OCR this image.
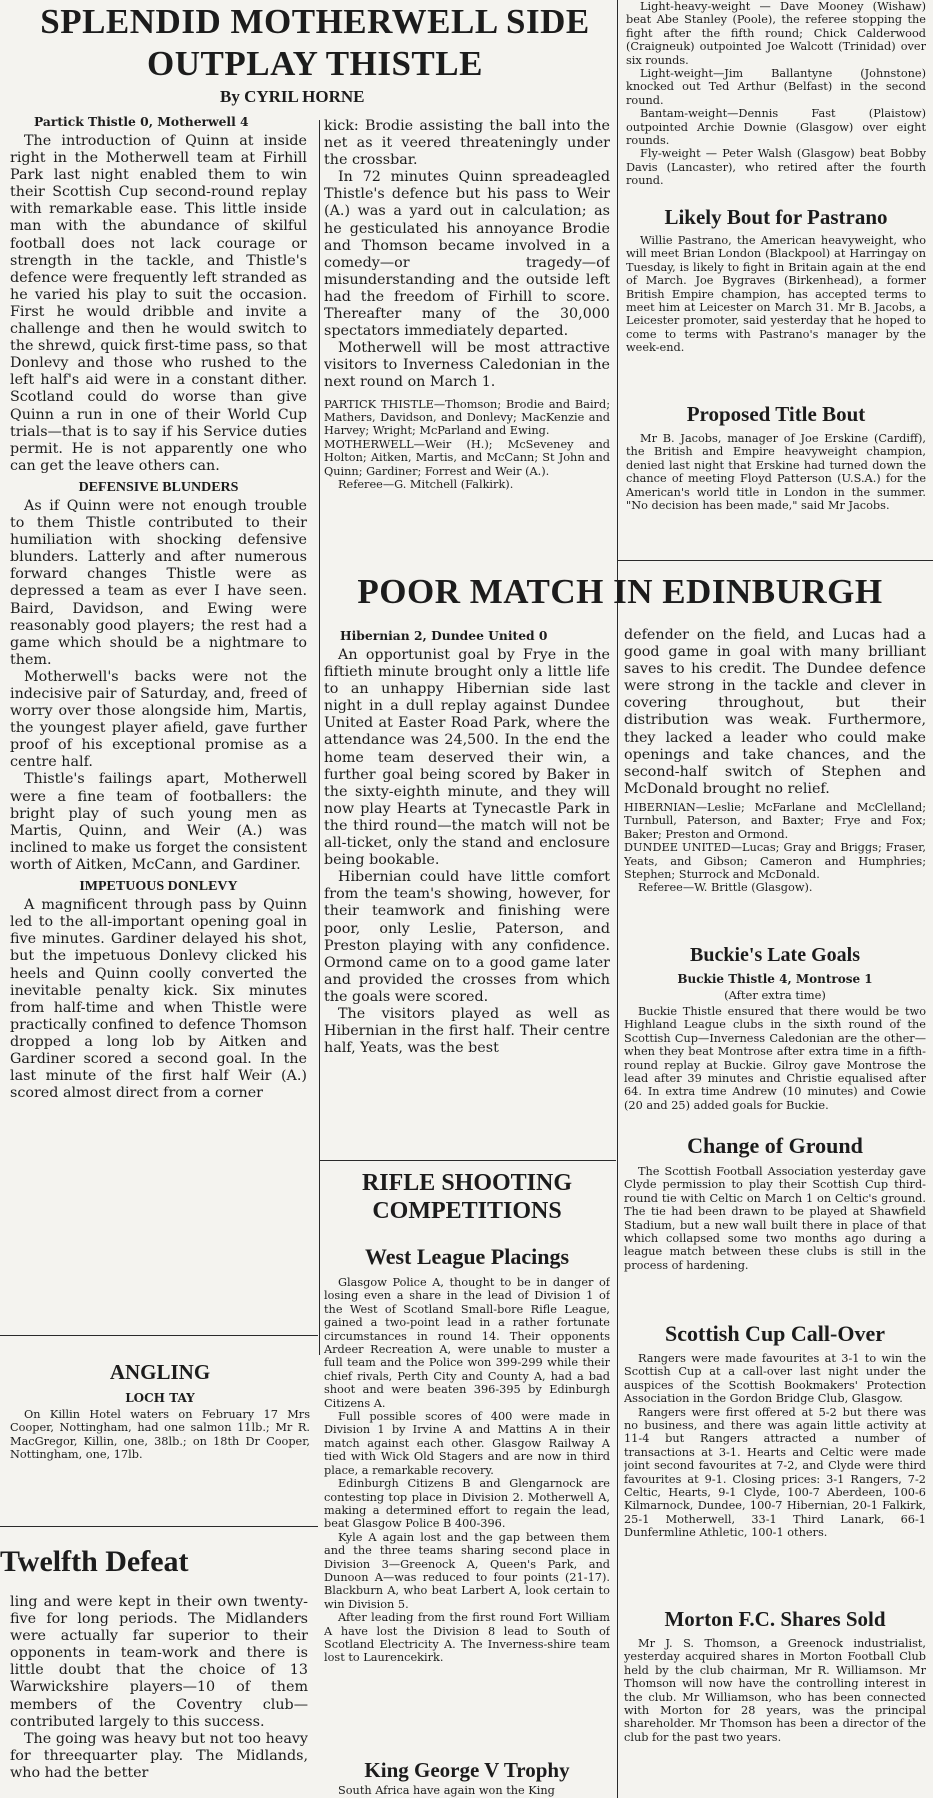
SPLENDID MOTHERWELL SIDE
OUTPLAY THISTLE
By CYRIL HORNE
Partick Thistle 0, Motherwell 4

The introduction of Quinn at inside right in the Motherwell team at Firhill Park last night enabled them to win their Scottish Cup second-round replay with remarkable ease. This little inside man with the abundance of skilful football does not lack courage or strength in the tackle, and Thistle's defence were frequently left stranded as he varied his play to suit the occasion. First he would dribble and invite a challenge and then he would switch to the shrewd, quick first-time pass, so that Donlevy and those who rushed to the left half's aid were in a constant dither. Scotland could do worse than give Quinn a run in one of their World Cup trials—that is to say if his Service duties permit. He is not apparently one who can get the leave others can.

DEFENSIVE BLUNDERS

As if Quinn were not enough trouble to them Thistle contributed to their humiliation with shocking defensive blunders. Latterly and after numerous forward changes Thistle were as depressed a team as ever I have seen. Baird, Davidson, and Ewing were reasonably good players; the rest had a game which should be a nightmare to them.

Motherwell's backs were not the indecisive pair of Saturday, and, freed of worry over those alongside him, Martis, the youngest player afield, gave further proof of his exceptional promise as a centre half.

Thistle's failings apart, Motherwell were a fine team of footballers: the bright play of such young men as Martis, Quinn, and Weir (A.) was inclined to make us forget the consistent worth of Aitken, McCann, and Gardiner.

IMPETUOUS DONLEVY

A magnificent through pass by Quinn led to the all-important opening goal in five minutes. Gardiner delayed his shot, but the impetuous Donlevy clicked his heels and Quinn coolly converted the inevitable penalty kick. Six minutes from half-time and when Thistle were practically confined to defence Thomson dropped a long lob by Aitken and Gardiner scored a second goal. In the last minute of the first half Weir (A.) scored almost direct from a corner

kick: Brodie assisting the ball into the net as it veered threateningly under the crossbar.

In 72 minutes Quinn spreadeagled Thistle's defence but his pass to Weir (A.) was a yard out in calculation; as he gesticulated his annoyance Brodie and Thomson became involved in a comedy—or tragedy—of misunderstanding and the outside left had the freedom of Firhill to score. Thereafter many of the 30,000 spectators immediately departed.

Motherwell will be most attractive visitors to Inverness Caledonian in the next round on March 1.

PARTICK THISTLE—Thomson; Brodie and Baird; Mathers, Davidson, and Donlevy; MacKenzie and Harvey; Wright; McParland and Ewing.

MOTHERWELL—Weir (H.); McSeveney and Holton; Aitken, Martis, and McCann; St John and Quinn; Gardiner; Forrest and Weir (A.).

Referee—G. Mitchell (Falkirk).

Light-heavy-weight — Dave Mooney (Wishaw) beat Abe Stanley (Poole), the referee stopping the fight after the fifth round; Chick Calderwood (Craigneuk) outpointed Joe Walcott (Trinidad) over six rounds.

Light-weight—Jim Ballantyne (Johnstone) knocked out Ted Arthur (Belfast) in the second round.

Bantam-weight—Dennis Fast (Plaistow) outpointed Archie Downie (Glasgow) over eight rounds.

Fly-weight — Peter Walsh (Glasgow) beat Bobby Davis (Lancaster), who retired after the fourth round.

Likely Bout for Pastrano

Willie Pastrano, the American heavyweight, who will meet Brian London (Blackpool) at Harringay on Tuesday, is likely to fight in Britain again at the end of March. Joe Bygraves (Birkenhead), a former British Empire champion, has accepted terms to meet him at Leicester on March 31. Mr B. Jacobs, a Leicester promoter, said yesterday that he hoped to come to terms with Pastrano's manager by the week-end.

Proposed Title Bout

Mr B. Jacobs, manager of Joe Erskine (Cardiff), the British and Empire heavyweight champion, denied last night that Erskine had turned down the chance of meeting Floyd Patterson (U.S.A.) for the American's world title in London in the summer. "No decision has been made," said Mr Jacobs.

POOR MATCH IN EDINBURGH
Hibernian 2, Dundee United 0

An opportunist goal by Frye in the fiftieth minute brought only a little life to an unhappy Hibernian side last night in a dull replay against Dundee United at Easter Road Park, where the attendance was 24,500. In the end the home team deserved their win, a further goal being scored by Baker in the sixty-eighth minute, and they will now play Hearts at Tynecastle Park in the third round—the match will not be all-ticket, only the stand and enclosure being bookable.

Hibernian could have little comfort from the team's showing, however, for their teamwork and finishing were poor, only Leslie, Paterson, and Preston playing with any confidence. Ormond came on to a good game later and provided the crosses from which the goals were scored.

The visitors played as well as Hibernian in the first half. Their centre half, Yeats, was the best

defender on the field, and Lucas had a good game in goal with many brilliant saves to his credit. The Dundee defence were strong in the tackle and clever in covering throughout, but their distribution was weak. Furthermore, they lacked a leader who could make openings and take chances, and the second-half switch of Stephen and McDonald brought no relief.

HIBERNIAN—Leslie; McFarlane and McClelland; Turnbull, Paterson, and Baxter; Frye and Fox; Baker; Preston and Ormond.

DUNDEE UNITED—Lucas; Gray and Briggs; Fraser, Yeats, and Gibson; Cameron and Humphries; Stephen; Sturrock and McDonald.

Referee—W. Brittle (Glasgow).

Buckie's Late Goals
Buckie Thistle 4, Montrose 1
(After extra time)

Buckie Thistle ensured that there would be two Highland League clubs in the sixth round of the Scottish Cup—Inverness Caledonian are the other—when they beat Montrose after extra time in a fifth-round replay at Buckie. Gilroy gave Montrose the lead after 39 minutes and Christie equalised after 64. In extra time Andrew (10 minutes) and Cowie (20 and 25) added goals for Buckie.

Change of Ground

The Scottish Football Association yesterday gave Clyde permission to play their Scottish Cup third-round tie with Celtic on March 1 on Celtic's ground. The tie had been drawn to be played at Shawfield Stadium, but a new wall built there in place of that which collapsed some two months ago during a league match between these clubs is still in the process of hardening.

Scottish Cup Call-Over

Rangers were made favourites at 3-1 to win the Scottish Cup at a call-over last night under the auspices of the Scottish Bookmakers' Protection Association in the Gordon Bridge Club, Glasgow.

Rangers were first offered at 5-2 but there was no business, and there was again little activity at 11-4 but Rangers attracted a number of transactions at 3-1. Hearts and Celtic were made joint second favourites at 7-2, and Clyde were third favourites at 9-1. Closing prices: 3-1 Rangers, 7-2 Celtic, Hearts, 9-1 Clyde, 100-7 Aberdeen, 100-6 Kilmarnock, Dundee, 100-7 Hibernian, 20-1 Falkirk, 25-1 Motherwell, 33-1 Third Lanark, 66-1 Dunfermline Athletic, 100-1 others.

Morton F.C. Shares Sold

Mr J. S. Thomson, a Greenock industrialist, yesterday acquired shares in Morton Football Club held by the club chairman, Mr R. Williamson. Mr Thomson will now have the controlling interest in the club. Mr Williamson, who has been connected with Morton for 28 years, was the principal shareholder. Mr Thomson has been a director of the club for the past two years.

RIFLE SHOOTING
COMPETITIONS
West League Placings

Glasgow Police A, thought to be in danger of losing even a share in the lead of Division 1 of the West of Scotland Small-bore Rifle League, gained a two-point lead in a rather fortunate circumstances in round 14. Their opponents Ardeer Recreation A, were unable to muster a full team and the Police won 399-299 while their chief rivals, Perth City and County A, had a bad shoot and were beaten 396-395 by Edinburgh Citizens A.

Full possible scores of 400 were made in Division 1 by Irvine A and Mattins A in their match against each other. Glasgow Railway A tied with Wick Old Stagers and are now in third place, a remarkable recovery.

Edinburgh Citizens B and Glengarnock are contesting top place in Division 2. Motherwell A, making a determined effort to regain the lead, beat Glasgow Police B 400-396.

Kyle A again lost and the gap between them and the three teams sharing second place in Division 3—Greenock A, Queen's Park, and Dunoon A—was reduced to four points (21-17). Blackburn A, who beat Larbert A, look certain to win Division 5.

After leading from the first round Fort William A have lost the Division 8 lead to South of Scotland Electricity A. The Inverness-shire team lost to Laurencekirk.

King George V Trophy

South Africa have again won the King

ANGLING
LOCH TAY

On Killin Hotel waters on February 17 Mrs Cooper, Nottingham, had one salmon 11lb.; Mr R. MacGregor, Killin, one, 38lb.; on 18th Dr Cooper, Nottingham, one, 17lb.

Twelfth Defeat

ling and were kept in their own twenty-five for long periods. The Midlanders were actually far superior to their opponents in team-work and there is little doubt that the choice of 13 Warwickshire players—10 of them members of the Coventry club—contributed largely to this success.

The going was heavy but not too heavy for threequarter play. The Midlands, who had the better
